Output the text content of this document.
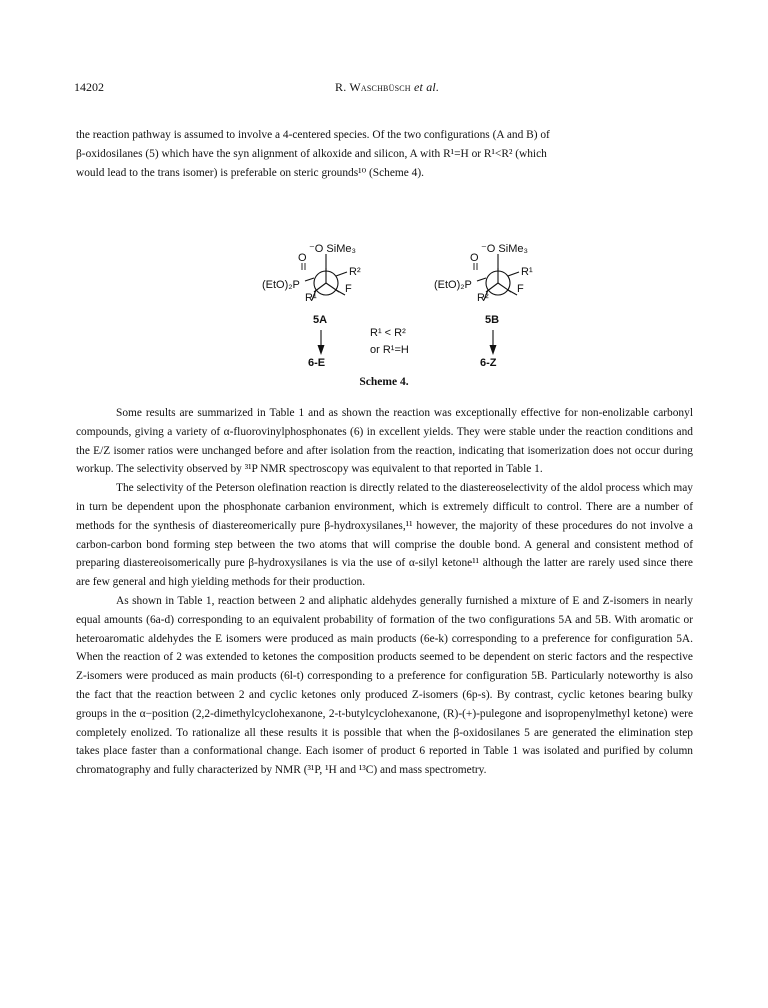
14202	R. Waschbüsch et al.
the reaction pathway is assumed to involve a 4-centered species. Of the two configurations (A and B) of
β-oxidosilanes (5) which have the syn alignment of alkoxide and silicon, A with R¹=H or R¹<R² (which
would lead to the trans isomer) is preferable on steric grounds¹⁰ (Scheme 4).
⁻O SiMe₃
O
(EtO)₂P
R²
F
R¹
5A
6-E
R¹ < R²
or R¹=H
⁻O SiMe₃
O
(EtO)₂P
R¹
F
R²
5B
6-Z
Scheme 4.

Some results are summarized in Table 1 and as shown the reaction was exceptionally effective for non-enolizable carbonyl compounds, giving a variety of α-fluorovinylphosphonates (6) in excellent yields. They were stable under the reaction conditions and the E/Z isomer ratios were unchanged before and after isolation from the reaction, indicating that isomerization does not occur during workup. The selectivity observed by ³¹P NMR spectroscopy was equivalent to that reported in Table 1.

The selectivity of the Peterson olefination reaction is directly related to the diastereoselectivity of the aldol process which may in turn be dependent upon the phosphonate carbanion environment, which is extremely difficult to control. There are a number of methods for the synthesis of diastereomerically pure β-hydroxysilanes,¹¹ however, the majority of these procedures do not involve a carbon-carbon bond forming step between the two atoms that will comprise the double bond. A general and consistent method of preparing diastereoisomerically pure β-hydroxysilanes is via the use of α-silyl ketone¹¹ although the latter are rarely used since there are few general and high yielding methods for their production.

As shown in Table 1, reaction between 2 and aliphatic aldehydes generally furnished a mixture of E and Z-isomers in nearly equal amounts (6a-d) corresponding to an equivalent probability of formation of the two configurations 5A and 5B. With aromatic or heteroaromatic aldehydes the E isomers were produced as main products (6e-k) corresponding to a preference for configuration 5A. When the reaction of 2 was extended to ketones the composition products seemed to be dependent on steric factors and the respective Z-isomers were produced as main products (6l-t) corresponding to a preference for configuration 5B. Particularly noteworthy is also the fact that the reaction between 2 and cyclic ketones only produced Z-isomers (6p-s). By contrast, cyclic ketones bearing bulky groups in the α−position (2,2-dimethylcyclohexanone, 2-t-butylcyclohexanone, (R)-(+)-pulegone and isopropenylmethyl ketone) were completely enolized. To rationalize all these results it is possible that when the β-oxidosilanes 5 are generated the elimination step takes place faster than a conformational change. Each isomer of product 6 reported in Table 1 was isolated and purified by column chromatography and fully characterized by NMR (³¹P, ¹H and ¹³C) and mass spectrometry.
